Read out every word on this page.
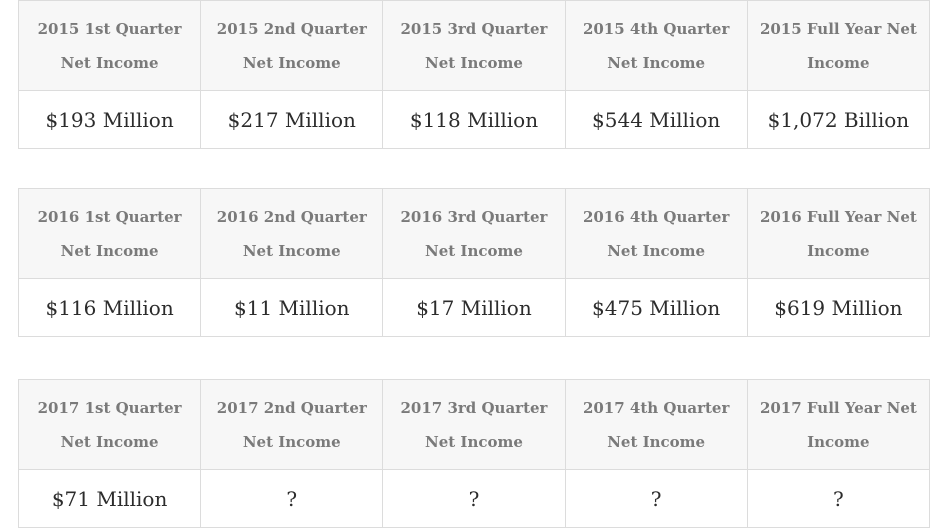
2015 1st Quarter Net Income	2015 2nd Quarter Net Income	2015 3rd Quarter Net Income	2015 4th Quarter Net Income	2015 Full Year Net Income
$193 Million	$217 Million	$118 Million	$544 Million	$1,072 Billion
2016 1st Quarter Net Income	2016 2nd Quarter Net Income	2016 3rd Quarter Net Income	2016 4th Quarter Net Income	2016 Full Year Net Income
$116 Million	$11 Million	$17 Million	$475 Million	$619 Million
2017 1st Quarter Net Income	2017 2nd Quarter Net Income	2017 3rd Quarter Net Income	2017 4th Quarter Net Income	2017 Full Year Net Income
$71 Million	?	?	?	?
